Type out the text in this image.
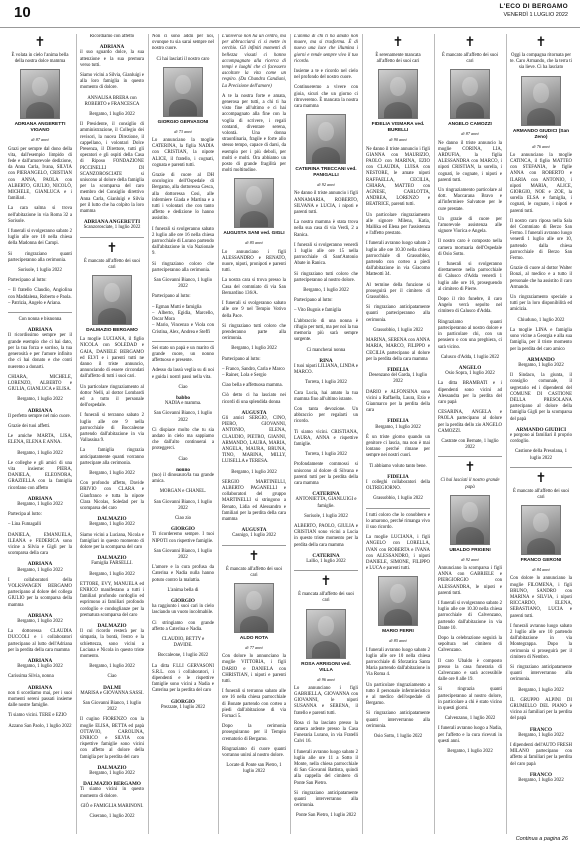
10	L'ECO DI BERGAMO
VENERDÌ 1 LUGLIO 2022
✝

È volata in cielo l'anima bella della nostra dolce mamma

ADRIANA ANGERETTI VIGANO
di 87 anni

Grazi per sempre dal dono della vita, dall'esempio limpido di fede e dall'amorevole dedizione, da Anna Carla, Ivana, SILVIA con PIERANGELO, CRISTIAN con ANNA, PAOLA con ALBERTO, GIULIO, NICOLÒ, MICHELE, GIANLUCA e i familiari.

La cara salma si trova nell'abitazione in via Roma 32 a Sorisole.

I funerali si svolgeranno sabato 2 luglio alle ore 10 nella chiesa della Madonna dei Campi.

Si ringraziano quanti parteciperanno alla cerimonia.

Sorisole, 1 luglio 2022

Partecipano al lutto:

– Il fratello Claudio, Angiolina con Maddalena, Roberto e Paola.
– Patrizia, Angelo e Ariana.

Con nonna e bisnonna

ADRIANA

Il ricordissimo sempre per il grande esempio che ci hai dato, per la tua forza e sorriso, la tua generosità e per l'amore infinito che ci hai donato e che conti nueremo a donarti.

CHIARA, MICHELE, LORENZO, ALBERTO e GIULIA, GIANLUCA e ELISA.

Bergamo, 1 luglio 2022

ADRIANA

Il perfetto sempre nel mio cuore.

Grazie dei tuoi affetti.

Le amiche MARTA, LISA, ELENA, ELENA E ANNA.

Bergamo, 1 luglio 2022

Le colleghe e gli amici di una vita insieme: PIERA, DANIELA, ELEONORA, GRAZIELLA con la famiglia ricordano con affetto

ADRIANA

Bergamo, 1 luglio 2022

Partecipa al lutto:

– Lina Fumagalli

DANIELA, EMANUELA, ILEANA e FEDERICA sono vicine a Silvia e Gigli per la scomparsa della cara

ADRIANA

Bergamo, 1 luglio 2022

I collaboratori della VOLKSWAGEN BERGAMO partecipano al dolore del collega GIULIO per la scomparsa della mamma

ADRIANA

Bergamo, 1 luglio 2022

La dottoressa CLAUDIA DUCCOLI e i collaboratori partecipano al lutto dell'Adriana per la perdita della cara mamma

ADRIANA

Bergamo, 1 luglio 2022

Carissima Silvia, nonna

ADRIANA

non ti scordiamo mai, per i suoi momenti sereni passati insieme dalle nostre famiglie.

Ti siamo vicini. TERE e EZIO

Azzano San Paolo, 1 luglio 2022

Ricordiamo con affetto

ADRIANA

il suo sguardo dolce, la sua attenzione e la sua premura verso tutti.

Siamo vicini a Silvia, Gianluigi e alla loro famiglia in questo momento di dolore.

ANNALISA BRERA con ROBERTO e FRANCESCA

Bergamo, 1 luglio 2022

Il Presidente, il consiglio di amministrazione, il Collegio dei revisori, la nuova Direzione, il cappellano, i volontari Dolce Presenza, il Direttore, tutti gli operatori e gli ospiti della Casa di Riposo FONDAZIONE PICCINELLI DI SCANZOROSCIATE si uniscono al dolore della famiglia per la scomparsa del caro membro del Consiglio direttivo Anna Carla, Gianluigi e Silvia per il lutto che ha colpito la loro mamma

ADRIANA ANGERETTI

Scanzorosciate, 1 luglio 2022

✝

È mancato all'affetto dei suoi cari

DALMAZIO BERGAMO

La moglie LUCIANA, il figlio NICOLA con SOLEDAD e GAIA, DANIELE BERGAMO ed ELVI e i parenti tutti ne danno il triste annuncio, annunciando di essere circondati dall'affetto di tutti i suoi cari.

Un particolare ringraziamento al dottor Nelli, al dottor Lombardi ed a tutto il personale dell'ospedale.

I funerali si terranno sabato 2 luglio alle ore 9 nella parrocchiale di Boccaleone partendo dall'abitazione in via Vallassina 9.

La famiglia ringrazia anticipatamente quanti vorranno partecipare alla cerimonia.

Bergamo, 1 luglio 2022

Con profondo affetto, Davide BRIVIO con CLARA e Gianfranco e tutta la nipote Clara Nicolas, Soledad per la scomparsa del caro

DALMAZIO

Bergamo, 1 luglio 2022

Siamo vicini a Luciana, Nicola e famigliari in questo momento di dolore per la scomparsa del caro

DALMAZIO

Famiglia FARSELLI.

Bergamo, 1 luglio 2022

ETTORE, EVY, MANUELA ed ENRICO manifestano a tutti i familiari profondo cordoglio ed esprimono ai familiari profondo cordoglio e condoglianze per la prematura scomparsa del caro

DALMAZIO

Il cui ricordo resterà per la simpatia, la bontà, l'estro e la schiettezza, sono vicini a Luciana e Nicola in questo triste momento.

Bergamo, 1 luglio 2022

Ciao

DALMI

MARISA e GIOVANNA SASSI.

San Giovanni Bianco, 1 luglio 2022

Il cugino FIORENZO con la moglie ELISA, BETTA ed papà OTTAVIO, CAROLINA, ENRICO e SILVIA con rispettive famiglie sono vicini con affetto al dolore della famiglia per la perdita del caro

DALMAZIO

Bergamo, 1 luglio 2022

DALMAZIO BERGAMO

Ti siamo vicini in questo momento di dolore.

GIÒ e FAMIGLIA MARINONI.

Ciserano, 1 luglio 2022

Non ci sono addii per noi, ovunque tu sia sarai sempre nel nostro cuore.

Ci hai lasciati il nostro caro

GIORGIO GERVASONI
di 73 anni

Lo annunciano la moglie CATERINA, la figlia NADIA con CRISTIAN, la nipote ALICE, il fratello, i cognati, cognata e parenti tutti.

Grazie di cuore al DH oncologico dell'Ospedale di Bergamo, alla dottoressa Cesca, alla dottoressa Cosi, alle infermiere Giada e Martina e a tutti i volontari che con tanto affetto e dedizione lo hanno assistito.

I funerali si svolgeranno sabato 2 luglio alle ore 16 nella chiesa parrocchiale di Lurano partendo dall'abitazione in via Nazionale 9.

Si ringraziano coloro che parteciperanno alla cerimonia.

San Giovanni Bianco, 1 luglio 2022

Partecipano al lutto:

– Egman Mutti e famiglia
– Alberto, Egidia, Marcello, Oscar Mora
– Mario, Vincenzo e Viola con Cristina, Alex, Andrea e Steffi

Sei stato un papà e un marito di grande cuore, un nonno affettuoso e presente.

Adesso da lassù veglia su di noi e guida i nostri passi nella vita.

Ciao

babbo

NADIA e mamma.

San Giovanni Bianco, 1 luglio 2022

Ci dispiace molto che tu sia andato in cielo ma sappiamo che dall'alto continuerai a proteggerci.

Ciao

nonno

(tuo) il dinosauro/la tua grande amica.

MORGAN e CHANEL.

San Giovanni Bianco, 1 luglio 2022

Ciao zio

GIORGIO

Ti ricorderemo sempre. I tuoi NIPOTI con rispettive famiglie.

San Giovanni Bianco, 1 luglio 2022

L'amore e la cura profusa da Caterina e Nadia nulla hanno potuto contro la malattia.

L'anima bella di

GIORGIO

ha raggiunto i suoi cari in cielo lasciando un vuoto incolmabile.

Ci stringiamo con grande affetto a Caterina e Nadia.

CLAUDIO, BETTY e DAVIDE.

Boccaleone, 1 luglio 2022

La ditta F.LLI GERVASONI S.R.L. con i collaboratori, i dipendenti e le rispettive famiglie sono vicini a Nadia e Caterina per la perdita del caro

GIORGIO

Prezzate, 1 luglio 2022

L'universo non ha un centro, ma per abbracciarsi ci si mette in cerchio. Gli infiniti momenti di bellezza vissuti ci hanno accompagnato alla ricerca di tempi e luoghi che ci facessero ascoltare la vita come un respiro. (Da Chandra Candiani, La Precisione dell'amore)

A te la nostra forte e amata, generosa per tutti, a chi ti ha visto fine all'ultimo e ci hai accompagnato alla fine con la voglia di scrivere, i regali contanti, diventare serena, volontà. Una donna straordinaria, fragile e forte allo stesso tempo, capace di darsi, da esempio per i più deboli, per molti e molti. Ora abbiamo un posto di grande fragilità per molti moltitudine.

AUGUSTA SANI ved. GIGLI
di 85 anni

Lo annunciano i figli ALESSANDRO e RENATO, nuore, nipoti, pronipoti e parenti tutti.

La nostra cara si trova presso la Casa del commiato di via San Bernardino 136/A.

I funerali si svolgeranno sabato alle ore 9 nel Tempio Votivo della Pace.

Si ringraziano tutti coloro che prenderanno parte alla cerimonia.

Bergamo, 1 luglio 2022

Partecipano al lutto:

– Franco, Sandro, Carla e Marco
– Rainer, Lola e Sergio

Ciao bella e affettuosa mamma.

Ciò detto ci ha lasciato nei ricordi di una splendida donna

AUGUSTA

Gli amici SERGIO, CINO, PIERO, GIOVANNI, ANTONIO, ELENA, CLAUDIO, PIETRO, GIANNI, ARMANDO, LAURA, MARIA, ANGELA, MAURA, BRUNA, TINO, MARINA, MILLY, LUISELLA e TERESA.

Bergamo, 1 luglio 2022

SERGIO MARTINELLI, ALBERTO PAGANELLI e collaboratori del gruppo MARTINELLI si stringono a Renato, Lidia ed Alessandro e familiari per la perdita della cara mamma

AUGUSTA

Casnigo, 1 luglio 2022

✝

È mancato all'affetto dei suoi cari

ALDO ROTA
di 77 anni

Con dolore lo annunciano la moglie VITTORIA, i figli DARIO e DANIELA con CHRISTIAN, i nipoti e parenti tutti.

I funerali si terranno sabato alle ore 16 nella chiesa parrocchiale di Bonate partendo con corteo a piedi dall'abitazione di via Fornaci 5.

Dopo la cerimonia proseguiranno per il Tempio crematorio di Bergamo.

Ringraziamo di cuore quanti vorranno unirsi al nostro dolore.

Locate di Ponte san Pietro, 1 luglio 2022

L'anima di chi ti ha amato non muore, ma si trasforma. È di nuovo una luce che illumina i giorni e rende sempre vivo il tuo ricordo.

Insieme a te e ricordo nel cielo nel profondo del nostro cuore.

Continueremo a vivere con gioia, sicuri che un giorno ci ritroveremo. È mancata la nostra cara mamma

CATERINA TRECCANI ved. PANIGALLI
di 92 anni

Ne danno il triste annuncio i figli ANNAMARIA, ROBERTO, SILVANA e LUCIA, i nipoti e parenti tutti.

La nostra mamma è stata trova nella sua casa di via Verdi, 2 a Ranica.

I funerali si svolgeranno venerdì 1 luglio alle ore 15 nella parrocchiale di Sant'Antonio Abate in Ranica.

Si ringraziano tutti coloro che parteciperanno al nostro dolore.

Bergamo, 1 luglio 2022

Partecipano al lutto:

– Vito Bugnis e famiglia

L'abbraccio di una nonna è rifugio per tutti, ma per noi la tua memoria più sarà sempre sorgente.

Ci mancherai nonna

RINA

I tuoi nipoti LILIANA, LINDA e MARCO.

Torreta, 1 luglio 2022

Cara Lucia, hai amato la tua mamma fino all'ultimo istante.

Con tanta devozione. Un abbraccio per regalarti un ricordo.

Ti siamo vicini. CRISTIANA, LAURA, ANNA e rispettive famiglie.

Torreta, 1 luglio 2022

Profondamente commossi si uniscono al dolore di Silvana e parenti tutti per la perdita della cara mamma

CATERINA

ANTONIETTA, GIANLUIGI e famiglie.

Sorisole, 1 luglio 2022

ALBERTO, PAOLO, GIULIA e CRISTIAN sono vicini a Lucia in questo triste momento per la perdita della cara mamma

CATERINA

Lallio, 1 luglio 2022

✝

È mancata all'affetto dei suoi cari

ROSA ARRIGONI ved. VILLA
di 96 anni

Lo annunciano i figli GABRIELLA, GIOVANNA con GIOVANNI, le nipoti SUSANNA e SERENA, il fratello e parenti tutti.

Rosa ci ha lasciato presso la camera ardente presso la Casa Funeraria Lurano, in via Fratelli Calvi 16.

I funerali avranno luogo sabato 2 luglio alle ore 11 a Sotto il Monte, nella chiesa parrocchiale di San Giovanni Battista, quindi alla cappella del cimitero di Ponte San Pietro.

Si ringraziano anticipatamente quanti interverranno alla cerimonia.

Ponte San Pietro, 1 luglio 2022

✝

È serenamente mancata all'affetto dei suoi cari

FIDELIA VISMARA ved. BURELLI
di 90 anni

Ne danno il triste annuncio i figli GIANNA con MAURIZIO, PAOLO con MARINA, EZIO con CLAUDIA, LUISA con NESTORE, le amate nipoti RAFFAELLA, CECILIA, CHIARA, MATTEO con AGNESE, CARLOTTA, ANDREA, LORENZO e BEATRICE, parenti tutti.

Un particolare ringraziamento alle signore Milena, Katia, Mallika ed Elena per l'assistenza e l'affetto prestato.

I funerali avranno luogo sabato 2 luglio alle ore 10.30 nella chiesa parrocchiale di Grassobbio, partendo con corteo a piedi dall'abitazione in via Giacomo Matteotti 34.

Al termine della funzione si proseguirà per il cimitero di Grassobbio.

Si ringraziano anticipatamente quanti parteciperanno alla cerimonia.

Grassobbio, 1 luglio 2022

MARINA, SERENA con ANNA MARIA, MARCO, FILIPPO e CECILIA partecipano al dolore per la perdita della cara mamma

FIDELIA

Desenzano del Garda, 1 luglio 2022

DARIO e ALFONSINA sono vicini a Raffaella, Laura, Ezio e Gianmarco per la perdita della cara

FIDELIA

Bergamo, 1 luglio 2022

È un triste giorno quando un genitore ci lascia, ma non è mai lontano perché rimane per sempre nei nostri cuori.

Ti abbiamo voluto tanto bene.

FIDELIA

I colleghi collaboratori della OLTREGIORNO.

Grassobbio, 1 luglio 2022

I tutti coloro che lo conobbero e lo amarono, perché rimanga vivo il suo ricordo.

La moglie LUCIANA, i figli ANGELO con LORELLA, IVAN con ROBERTA e IVANA con ALESSANDRO, i nipoti DANIELE, SIMONE, FILIPPO e LUCA e parenti tutti.

MARIO FERRI
di 85 anni

I funerali avranno luogo sabato 2 luglio alle ore 10 nella chiesa parrocchiale di Sforzatica Santa Maria partendo dall'abitazione in Via Roma 4.

Un particolare ringraziamento a tutto il personale infermieristico e al medico dell'ospedale di Bergamo.

Si ringraziano anticipatamente quanti interverranno alla cerimonia.

Osio Sotto, 1 luglio 2022

✝

È mancato all'affetto dei suoi cari

ANGELO CAMOZZI
di 87 anni

Ne danno il triste annuncio la moglie CORINA, LIA, ARDUFIA, la figlia ALESSANDRA con MARCO, i nipoti CRISTIAN, la sorella, i cognati, le cognate, i nipoti e parenti tutti.

Un ringraziamento particolare al dott. Maccarana Bravo e all'infermiere Salvatore per le cure prestate.

Un grazie di cuore per l'amorevole assistenza alle signore Viorica e Angela.

Il nostro caro è composto nella camera mortuaria dell'Ospedale di Osio Sotto.

I funerali si svolgeranno direttamente nella parrocchiale di Calusco d'Adda venerdì 1 luglio alle ore 16, proseguendo al cimitero di Pierre.

Dopo il rito funebre, il caro Angelo verrà sepolto nel cimitero di Calusco d'Adda.

Ringraziamo quanti parteciperanno al nostro dolore e in particolare chi, con un pensiero o con una preghiera, ci sarà vicino.

Calusco d'Adda, 1 luglio 2022

ANGELO

Osio Sopra, 1 luglio 2022

La ditta BRAMBATI e i dipendenti sono vicini ad Alessandra per la perdita del caro papà

CESARINA, ANGELA e PAOLA partecipano al dolore per la perdita dello zio ANGELO CAMOZZI.

Castrate con Bernate, 1 luglio 2022

✝

Ci hai lasciati il nostro grande papà

UBALDO FRIGENI
di 92 anni

Annunciano la scomparsa i figli ANNA con GABRIELE e PIERGIORGIO con ALESSANDRA, le nipoti e parenti tutti.

I funerali si svolgeranno sabato 2 luglio alle ore 10.30 nella chiesa parrocchiale di Calvenzano, partendo dall'abitazione in via Dante 10.

Dopo la celebrazione seguirà la sepoltura nel cimitero di Calvenzano.

Il caro Ubaldo è composto presso la casa funeraria di Calvenzano e sarà accessibile dalle ore 8 alle 19.

Si ringrazia quanti parteciperanno al nostro dolore, in particolare a chi è stato vicino in questi giorni.

Calvenzano, 1 luglio 2022

I funerali avranno luogo a Nadia, per l'affetto e la cura ricevuti in questi anni.

Bergamo, 1 luglio 2022

✝

Oggi la compagna ritornata per te. Caro Armando, che la terra ti sia lieve. Ci ha lasciato

ARMANDO GIUDICI (San Zeno)
di 76 anni

Lo annunciano la moglie CATINCA, il figlio MATTEO con STEFANIA, le figlie ANNA con ROBERTO e ILARIA con ANTONIO, i nipoti MARIA, ALICE, GIORGIO, NOE e ZOE, la sorella ELSA e famiglia, i cognati, le cognate, i nipoti e parenti tutti.

Il nostro caro riposa nella Sala del Commiato di Berzo San Fermo. I funerali avranno luogo venerdì 1 luglio alle ore 10, partendo dalla chiesa parrocchiale di Berzo San Fermo.

Grazie di cuore al dottor Walter Bonzi, al medico e a tutto il personale che ha assistito il caro Armando.

Un ringraziamento speciale a tutti per la loro disponibilità ed amicizia.

Chiuduno, 1 luglio 2022

La moglie LINA e famiglia sono vicine a Georgia e alla sua famiglia, per il triste momento per la perdita del caro amico

ARMANDO

Bergamo, 1 luglio 2022

Il Sindaco, la giunta, il consiglio comunale, il segretario ed i dipendenti del COMUNE DI CASTIONE DELLA PRESOLANA partecipano al dolore della famiglia Gigli per la scomparsa del papà

ARMANDO GIUDICI

e porgono ai familiari il proprio cordoglio.

Castione della Presolana, 1 luglio 2022

✝

È mancato all'affetto dei suoi cari

FRANCO GERONI
di 84 anni

Con dolore lo annunciano la moglie FILOMENA, i figli BRUNO, SANDRO con MARINA e SILVIA, i nipoti RICCARDO, ELENA, SEBASTIANO, LUCIA e parenti tutti.

I funerali avranno luogo sabato 2 luglio alle ore 10 partendo dall'abitazione in via Montegrappa. Dopo la cerimonia si proseguirà per il cimitero di Nembro.

Si ringraziano anticipatamente quanti interverranno alla cerimonia.

Bergamo, 1 luglio 2022

IL GRUPPO ALPINI DI GRUMELLO DEL PIANO è vicino ai familiari per la perdita del papà

FRANCO

Bergamo, 1 luglio 2022

I dipendenti dell'AUTO FRESH MILANO partecipano con affetto ai familiari per la perdita del caro papà

FRANCO

Bergamo, 1 luglio 2022

Continua a pagina 26
